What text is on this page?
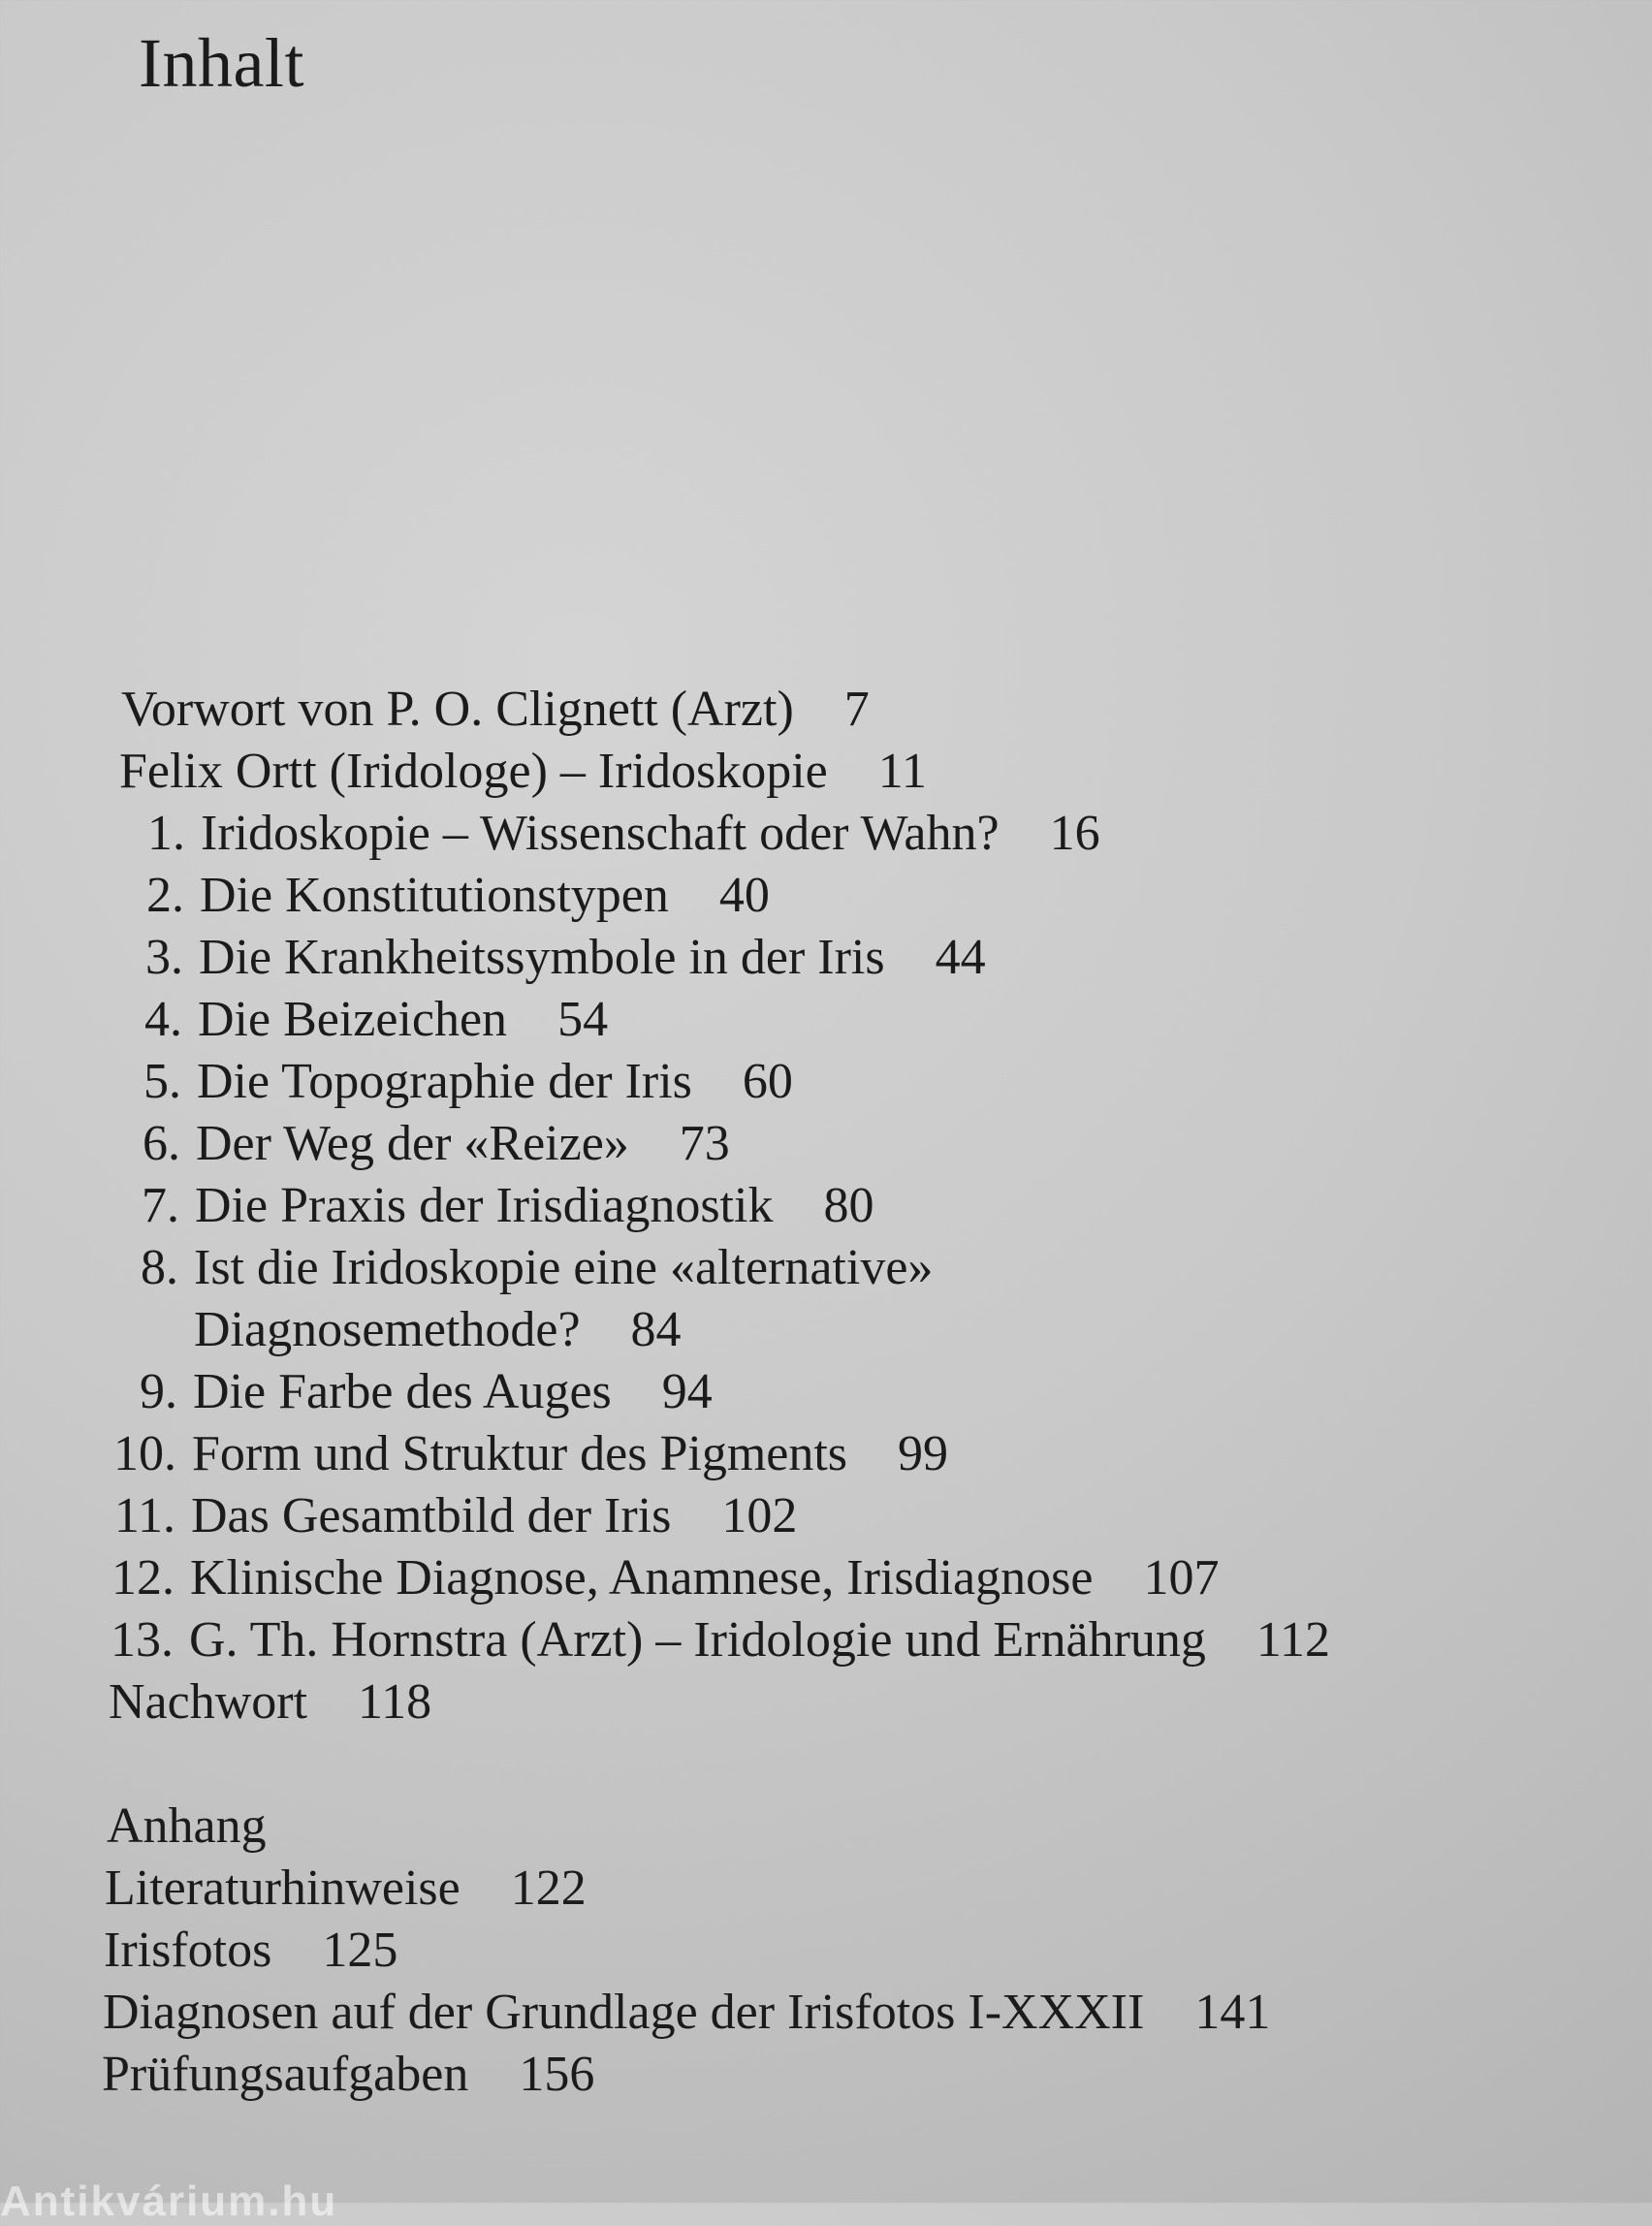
Inhalt
Vorwort von P. O. Clignett (Arzt) 7
Felix Ortt (Iridologe) – Iridoskopie 11
1. Iridoskopie – Wissenschaft oder Wahn? 16
2. Die Konstitutionstypen 40
3. Die Krankheitssymbole in der Iris 44
4. Die Beizeichen 54
5. Die Topographie der Iris 60
6. Der Weg der «Reize» 73
7. Die Praxis der Irisdiagnostik 80
8. Ist die Iridoskopie eine «alternative»
Diagnosemethode? 84
9. Die Farbe des Auges 94
10. Form und Struktur des Pigments 99
11. Das Gesamtbild der Iris 102
12. Klinische Diagnose, Anamnese, Irisdiagnose 107
13. G. Th. Hornstra (Arzt) – Iridologie und Ernährung 112
Nachwort 118
Anhang
Literaturhinweise 122
Irisfotos 125
Diagnosen auf der Grundlage der Irisfotos I-XXXII 141
Prüfungsaufgaben 156
Antikvárium.hu
